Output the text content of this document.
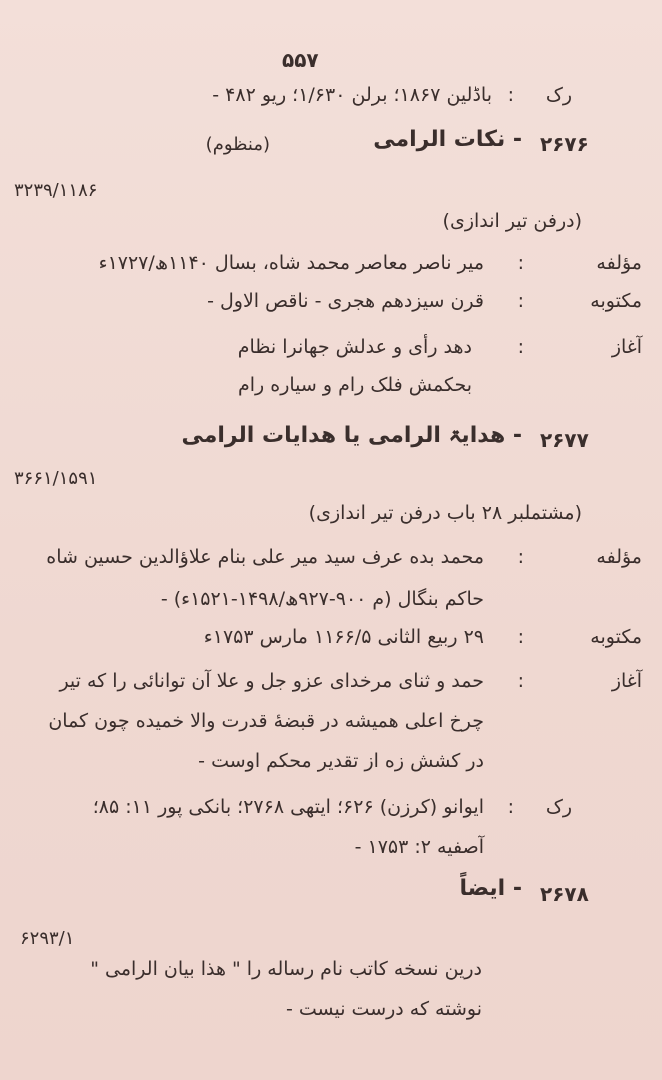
۵۵۷
رک
:
باڈلین ۱۸۶۷؛ برلن ۱/۶۳۰؛ ریو ۴۸۲ -
۲۶۷۶
- نکات الرامی
(منظوم)
۳۲۳۹/۱۱۸۶
(درفن تیر اندازی)
مؤلفه
:
میر ناصر معاصر محمد شاه، بسال ۱۱۴۰ھ/۱۷۲۷ء
مکتوبه
:
قرن سیزدهم هجری - ناقص الاول -
آغاز
:
دهد رأی و عدلش جهانرا نظام
بحکمش فلک رام و سیاره رام
۲۶۷۷
- هدایۃ الرامی یا هدایات الرامی
۳۶۶۱/۱۵۹۱
(مشتملبر ۲۸ باب درفن تیر اندازی)
مؤلفه
:
محمد بده عرف سید میر علی بنام علاؤالدین حسین شاه
حاکم بنگال (م ۹۰۰-۹۲۷ھ/۱۴۹۸-۱۵۲۱ء) -
مکتوبه
:
۲۹ ربیع الثانی ۱۱۶۶/۵ مارس ۱۷۵۳ء
آغاز
:
حمد و ثنای مرخدای عزو جل و علا آن توانائی را که تیر
چرخ اعلی همیشه در قبضۀ قدرت والا خمیده چون کمان
در کشش زه از تقدیر محکم اوست -
رک
:
ایوانو (کرزن) ۶۲۶؛ ایتهی ۲۷۶۸؛ بانکی پور ۱۱: ۸۵؛
آصفیه ۲: ۱۷۵۳ -
۲۶۷۸
- ایضاً
۶۲۹۳/۱
درین نسخه کاتب نام رساله را " هذا بیان الرامی "
نوشته که درست نیست -
